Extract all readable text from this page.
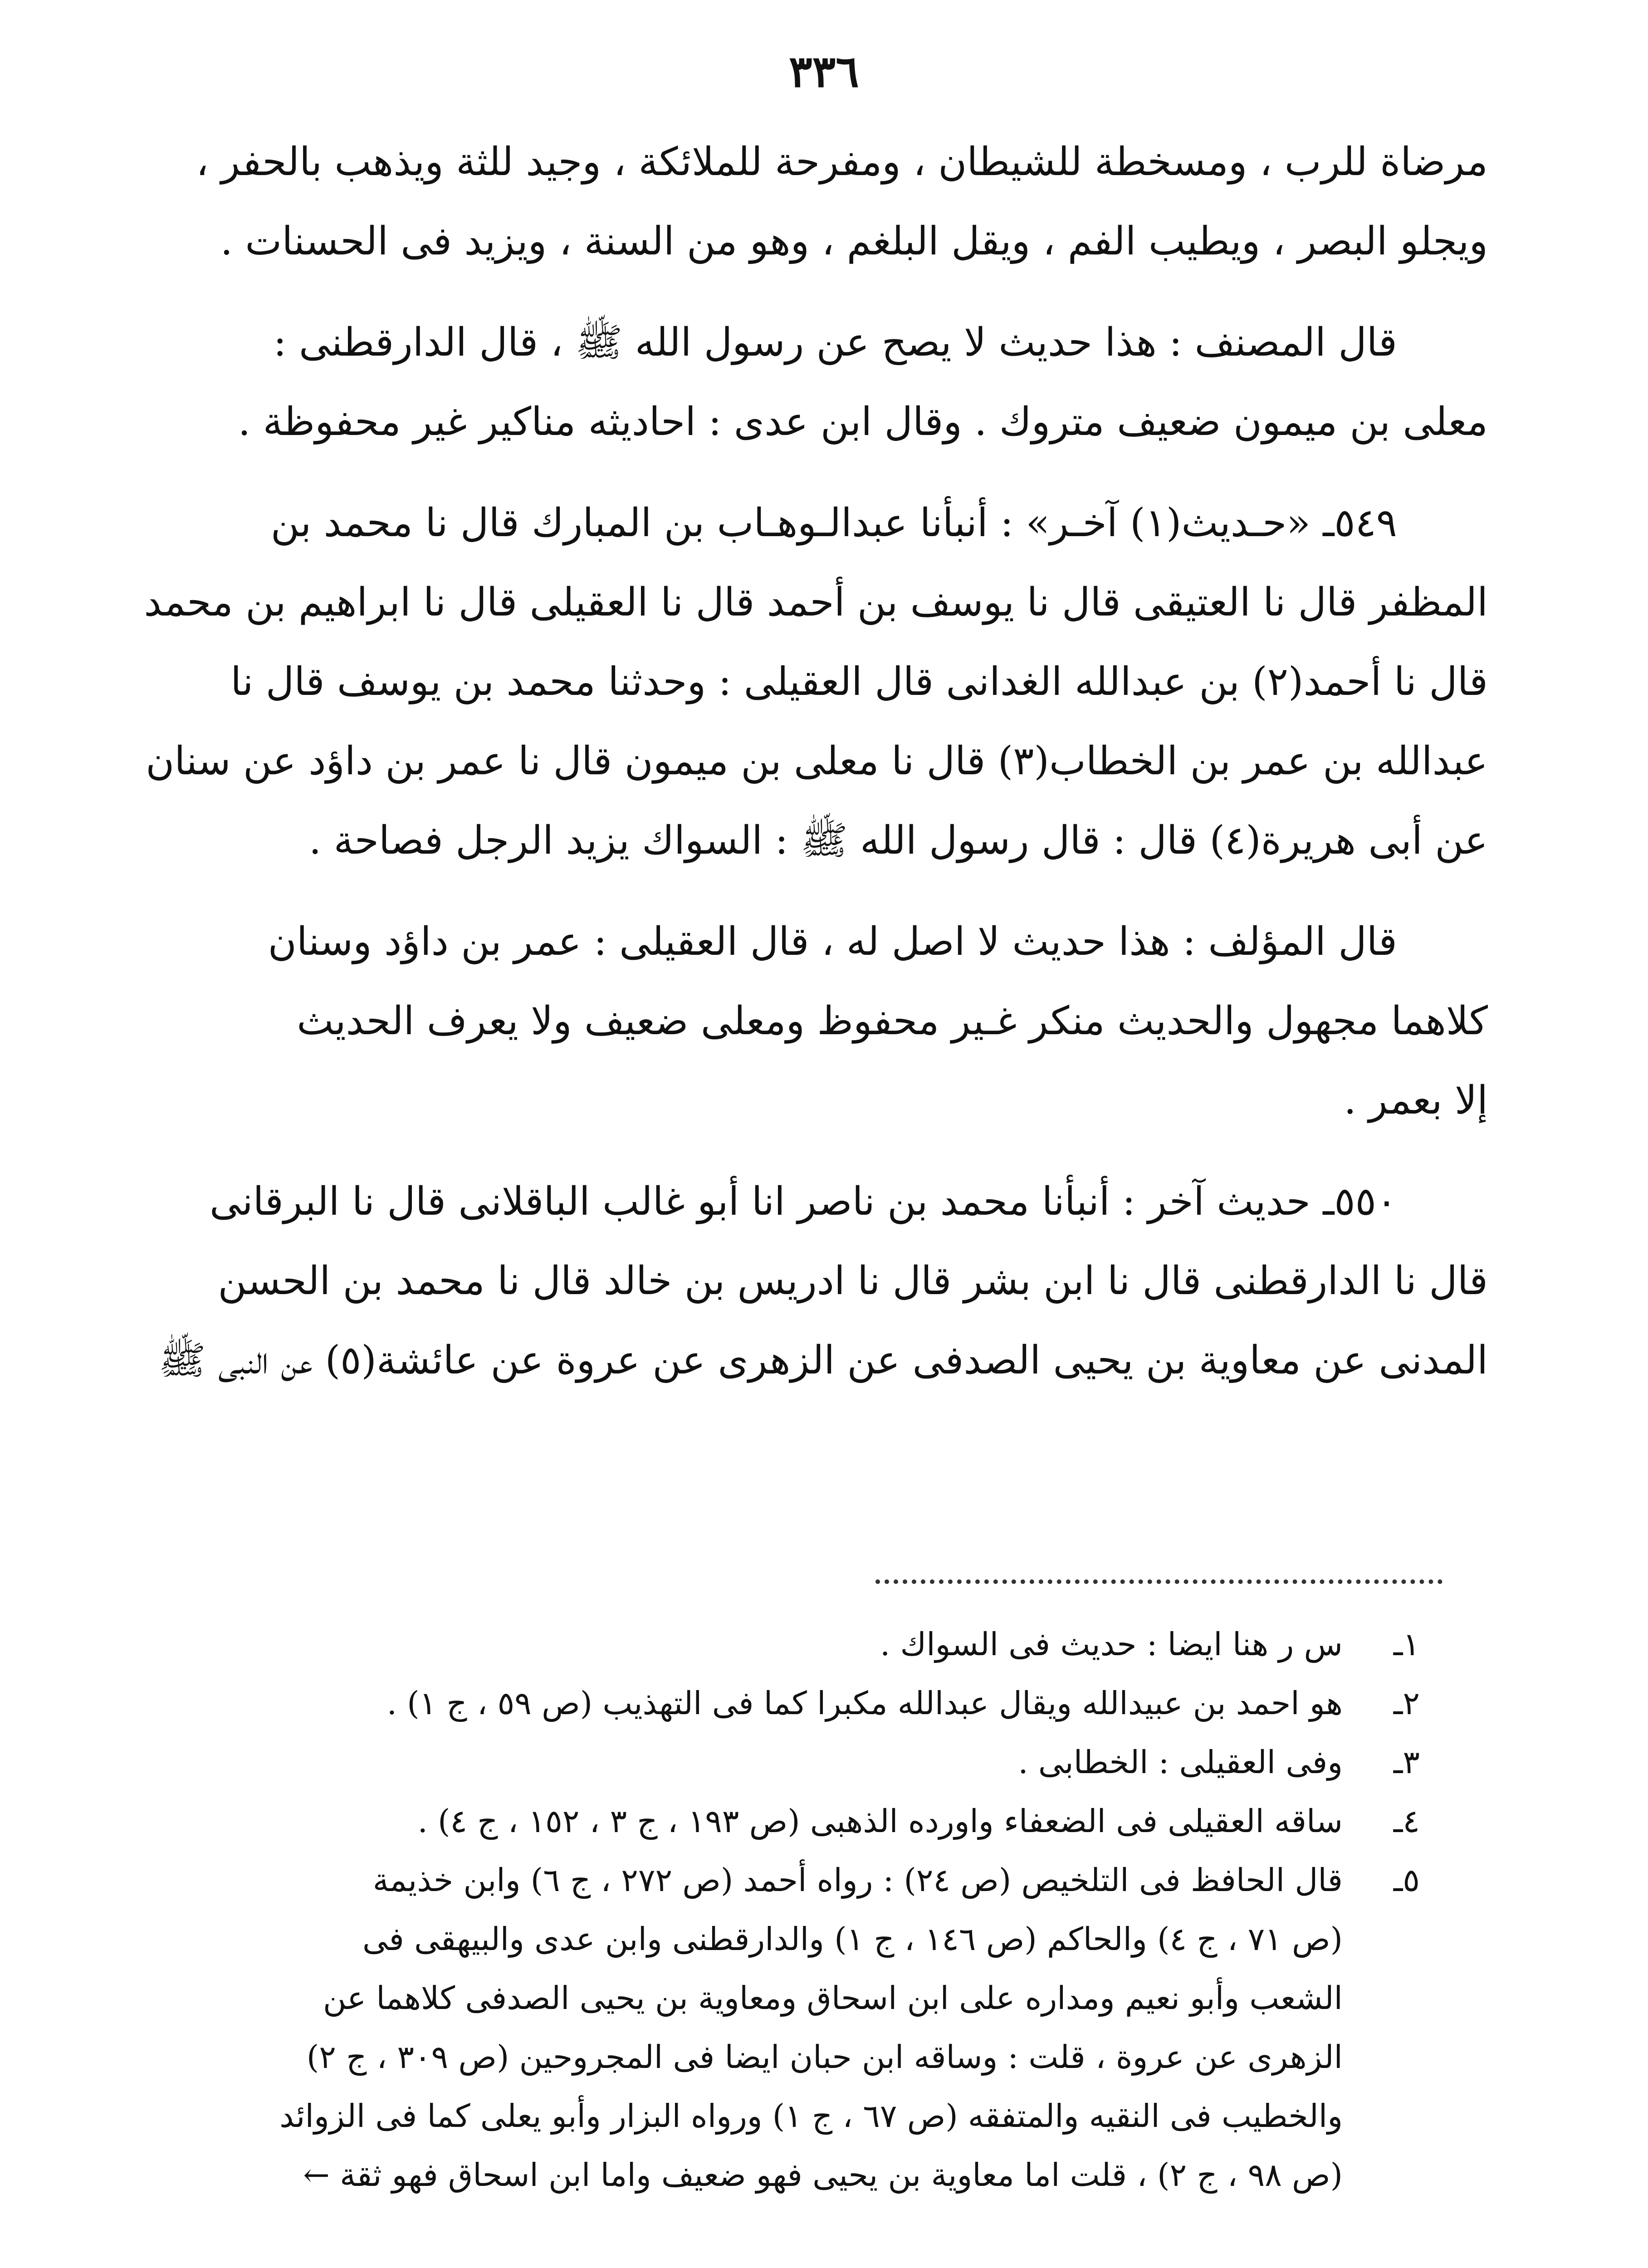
٣٣٦

مرضاة للرب ، ومسخطة للشيطان ، ومفرحة للملائكة ، وجيد للثة ويذهب بالحفر ،
ويجلو البصر ، ويطيب الفم ، ويقل البلغم ، وهو من السنة ، ويزيد فى الحسنات .

قال المصنف : هذا حديث لا يصح عن رسول الله ﷺ ، قال الدارقطنى :
معلى بن ميمون ضعيف متروك . وقال ابن عدى : احاديثه مناكير غير محفوظة .

٥٤٩ـ «حـديث(١) آخـر» : أنبأنا عبدالـوهـاب بن المبارك قال نا محمد بن
المظفر قال نا العتيقى قال نا يوسف بن أحمد قال نا العقيلى قال نا ابراهيم بن محمد
قال نا أحمد(٢) بن عبدالله الغدانى قال العقيلى : وحدثنا محمد بن يوسف قال نا
عبدالله بن عمر بن الخطاب(٣) قال نا معلى بن ميمون قال نا عمر بن داؤد عن سنان
عن أبى هريرة(٤) قال : قال رسول الله ﷺ : السواك يزيد الرجل فصاحة .

قال المؤلف : هذا حديث لا اصل له ، قال العقيلى : عمر بن داؤد وسنان
كلاهما مجهول والحديث منكر غـير محفوظ ومعلى ضعيف ولا يعرف الحديث
إلا بعمر .

٥٥٠ـ حديث آخر : أنبأنا محمد بن ناصر انا أبو غالب الباقلانى قال نا البرقانى
قال نا الدارقطنى قال نا ابن بشر قال نا ادريس بن خالد قال نا محمد بن الحسن
المدنى عن معاوية بن يحيى الصدفى عن الزهرى عن عروة عن عائشة(٥) عن النبى ﷺ

١ـ
س ر هنا ايضا : حديث فى السواك .
٢ـ
هو احمد بن عبيدالله ويقال عبدالله مكبرا كما فى التهذيب (ص ٥٩ ، ج ١) .
٣ـ
وفى العقيلى : الخطابى .
٤ـ
ساقه العقيلى فى الضعفاء واورده الذهبى (ص ١٩٣ ، ج ٣ ، ١٥٢ ، ج ٤) .
٥ـ
قال الحافظ فى التلخيص (ص ٢٤) : رواه أحمد (ص ٢٧٢ ، ج ٦) وابن خذيمة
(ص ٧١ ، ج ٤) والحاكم (ص ١٤٦ ، ج ١) والدارقطنى وابن عدى والبيهقى فى
الشعب وأبو نعيم ومداره على ابن اسحاق ومعاوية بن يحيى الصدفى كلاهما عن
الزهرى عن عروة ، قلت : وساقه ابن حبان ايضا فى المجروحين (ص ٣٠٩ ، ج ٢)
والخطيب فى النقيه والمتفقه (ص ٦٧ ، ج ١) ورواه البزار وأبو يعلى كما فى الزوائد
(ص ٩٨ ، ج ٢) ، قلت اما معاوية بن يحيى فهو ضعيف واما ابن اسحاق فهو ثقة ←
